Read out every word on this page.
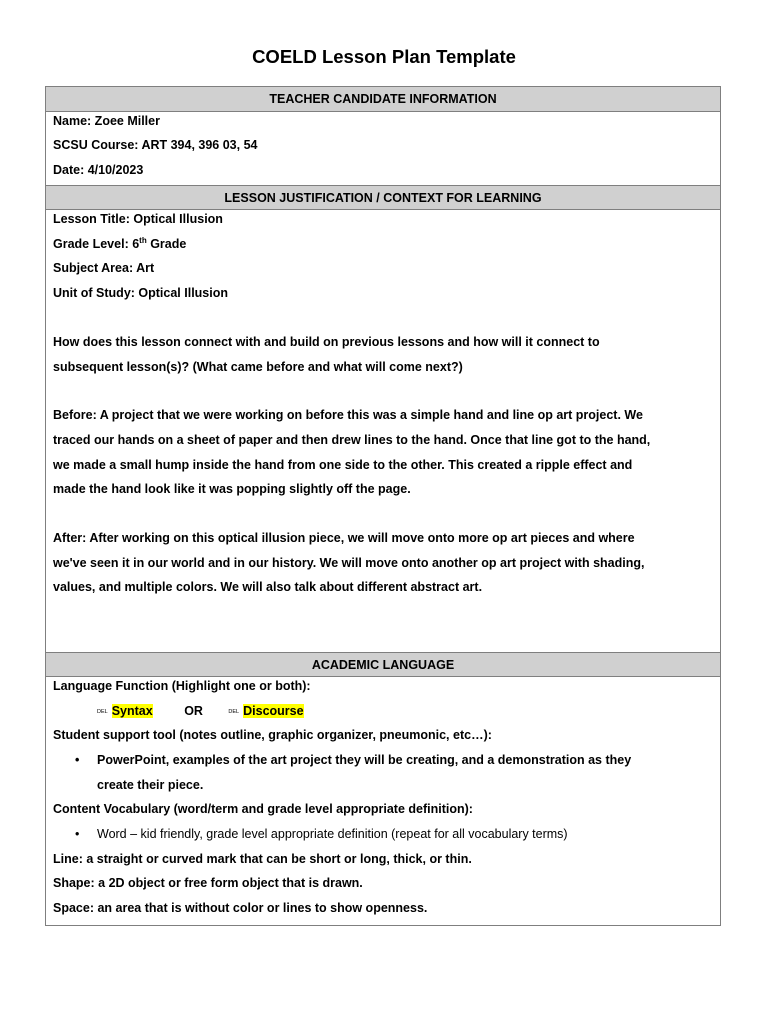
COELD Lesson Plan Template
TEACHER CANDIDATE INFORMATION
Name: Zoee Miller
SCSU Course: ART 394, 396 03, 54
Date: 4/10/2023
LESSON JUSTIFICATION / CONTEXT FOR LEARNING
Lesson Title: Optical Illusion
Grade Level: 6th Grade
Subject Area: Art
Unit of Study: Optical Illusion
How does this lesson connect with and build on previous lessons and how will it connect to
subsequent lesson(s)? (What came before and what will come next?)
Before: A project that we were working on before this was a simple hand and line op art project. We
traced our hands on a sheet of paper and then drew lines to the hand. Once that line got to the hand,
we made a small hump inside the hand from one side to the other. This created a ripple effect and
made the hand look like it was popping slightly off the page.
After: After working on this optical illusion piece, we will move onto more op art pieces and where
we've seen it in our world and in our history. We will move onto another op art project with shading,
values, and multiple colors. We will also talk about different abstract art.
ACADEMIC LANGUAGE
Language Function (Highlight one or both):
DEL Syntax	OR	DEL Discourse
Student support tool (notes outline, graphic organizer, pneumonic, etc…):
• PowerPoint, examples of the art project they will be creating, and a demonstration as they
create their piece.
Content Vocabulary (word/term and grade level appropriate definition):
• Word – kid friendly, grade level appropriate definition (repeat for all vocabulary terms)
Line: a straight or curved mark that can be short or long, thick, or thin.
Shape: a 2D object or free form object that is drawn.
Space: an area that is without color or lines to show openness.
